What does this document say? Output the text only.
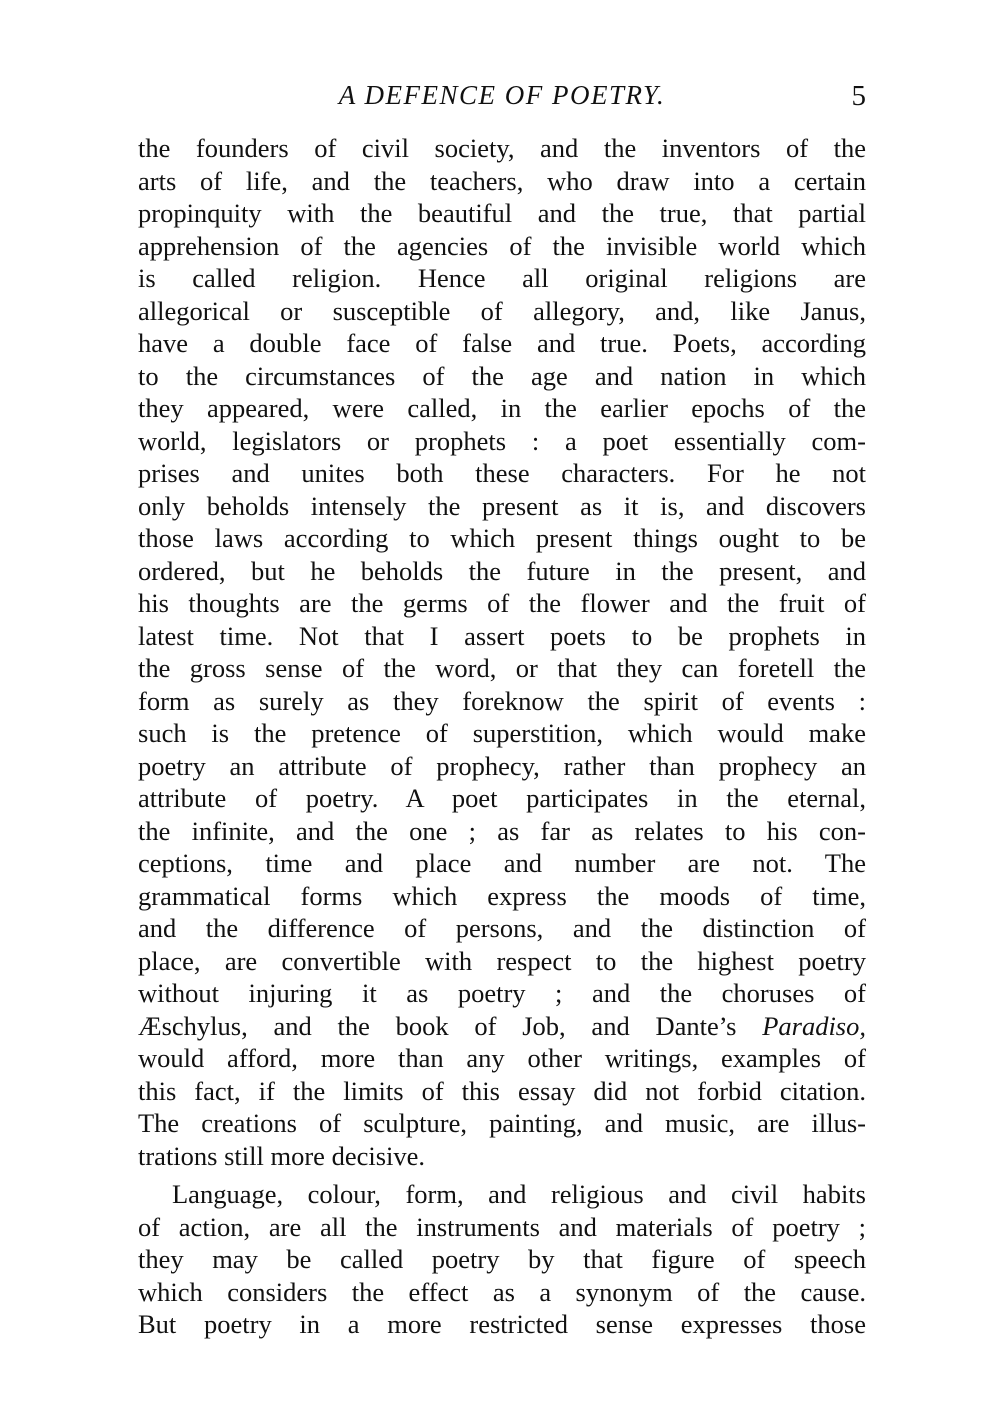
A DEFENCE OF POETRY.	5
the founders of civil society, and the inventors of the
arts of life, and the teachers, who draw into a certain
propinquity with the beautiful and the true, that partial
apprehension of the agencies of the invisible world which
is called religion. Hence all original religions are
allegorical or susceptible of allegory, and, like Janus,
have a double face of false and true. Poets, according
to the circumstances of the age and nation in which
they appeared, were called, in the earlier epochs of the
world, legislators or prophets : a poet essentially com-
prises and unites both these characters. For he not
only beholds intensely the present as it is, and discovers
those laws according to which present things ought to be
ordered, but he beholds the future in the present, and
his thoughts are the germs of the flower and the fruit of
latest time. Not that I assert poets to be prophets in
the gross sense of the word, or that they can foretell the
form as surely as they foreknow the spirit of events :
such is the pretence of superstition, which would make
poetry an attribute of prophecy, rather than prophecy an
attribute of poetry. A poet participates in the eternal,
the infinite, and the one ; as far as relates to his con-
ceptions, time and place and number are not. The
grammatical forms which express the moods of time,
and the difference of persons, and the distinction of
place, are convertible with respect to the highest poetry
without injuring it as poetry ; and the choruses of
Æschylus, and the book of Job, and Dante’s Paradiso,
would afford, more than any other writings, examples of
this fact, if the limits of this essay did not forbid citation.
The creations of sculpture, painting, and music, are illus-
trations still more decisive.
Language, colour, form, and religious and civil habits
of action, are all the instruments and materials of poetry ;
they may be called poetry by that figure of speech
which considers the effect as a synonym of the cause.
But poetry in a more restricted sense expresses those
